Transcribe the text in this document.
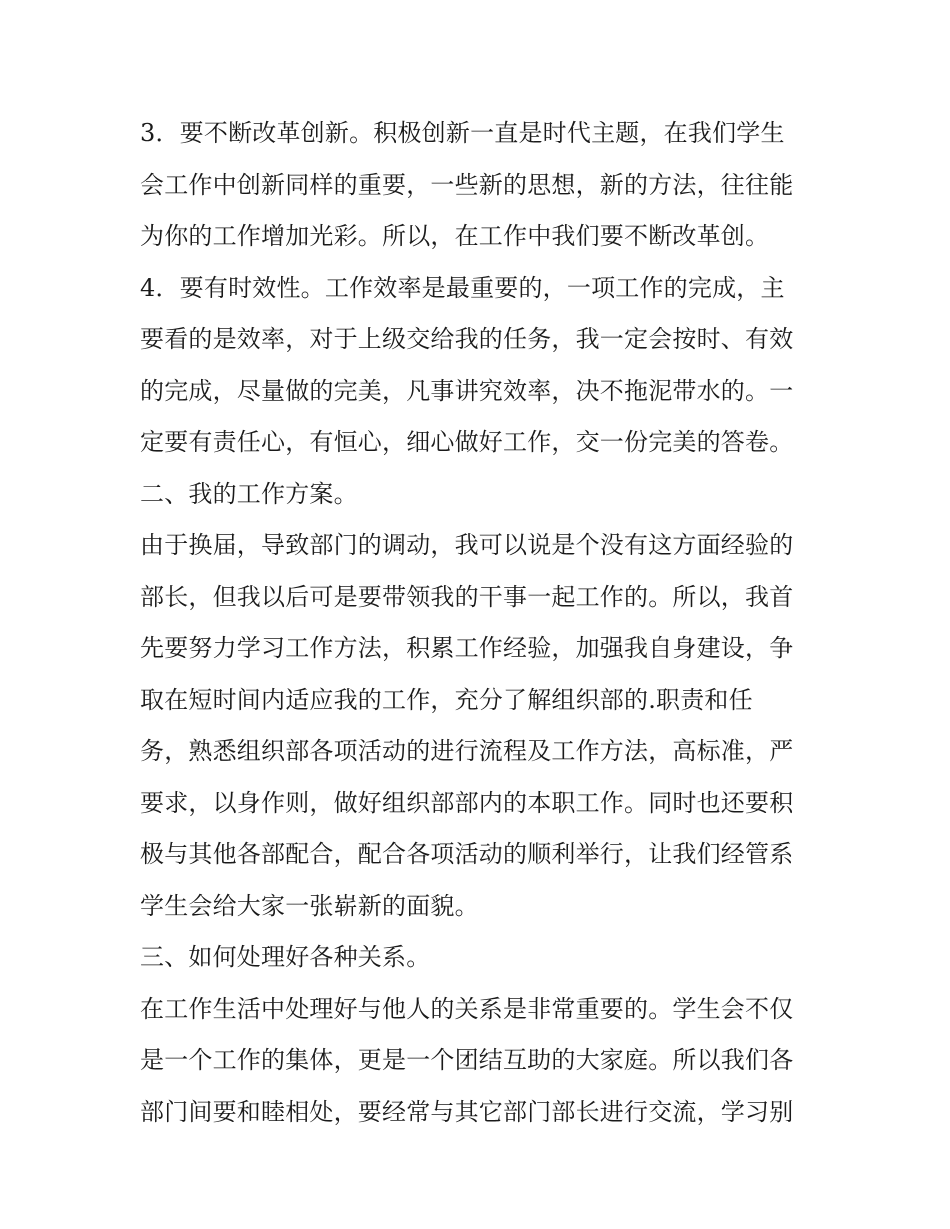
3．要不断改革创新。积极创新一直是时代主题，在我们学生
会工作中创新同样的重要，一些新的思想，新的方法，往往能
为你的工作增加光彩。所以，在工作中我们要不断改革创。
4．要有时效性。工作效率是最重要的，一项工作的完成，主
要看的是效率，对于上级交给我的任务，我一定会按时、有效
的完成，尽量做的完美，凡事讲究效率，决不拖泥带水的。一
定要有责任心，有恒心，细心做好工作，交一份完美的答卷。
二、我的工作方案。
由于换届，导致部门的调动，我可以说是个没有这方面经验的
部长，但我以后可是要带领我的干事一起工作的。所以，我首
先要努力学习工作方法，积累工作经验，加强我自身建设，争
取在短时间内适应我的工作，充分了解组织部的.职责和任
务，熟悉组织部各项活动的进行流程及工作方法，高标准，严
要求，以身作则，做好组织部部内的本职工作。同时也还要积
极与其他各部配合，配合各项活动的顺利举行，让我们经管系
学生会给大家一张崭新的面貌。
三、如何处理好各种关系。
在工作生活中处理好与他人的关系是非常重要的。学生会不仅
是一个工作的集体，更是一个团结互助的大家庭。所以我们各
部门间要和睦相处，要经常与其它部门部长进行交流，学习别
